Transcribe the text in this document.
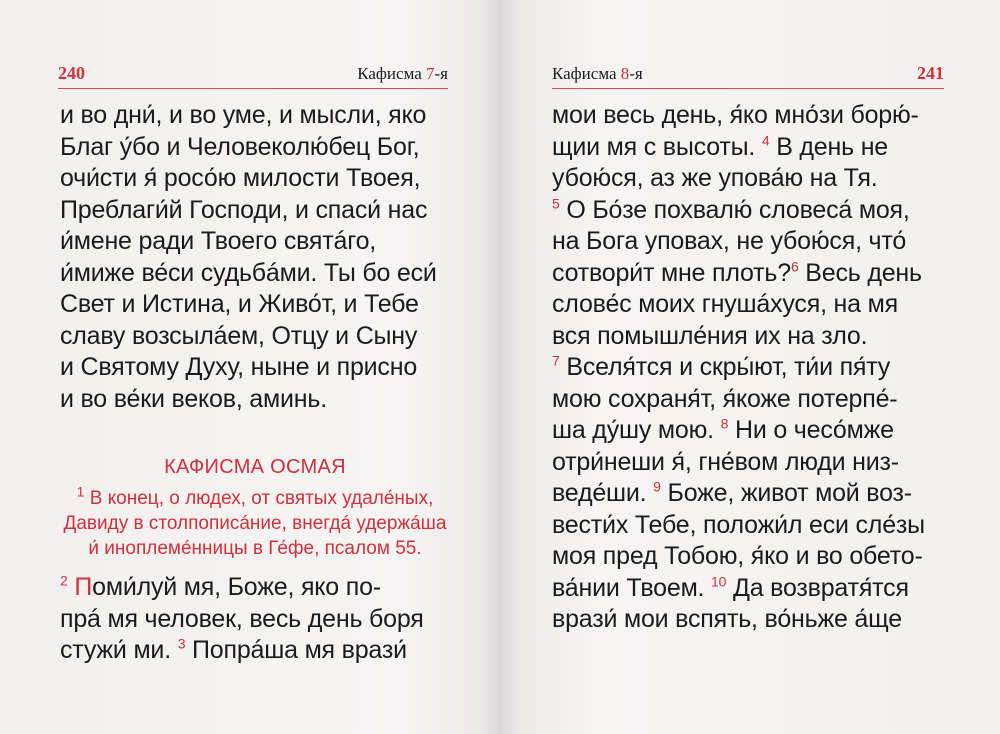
240	Кафисма 7-я
и во дни́, и во уме, и мысли, яко
Благ у́бо и Человеколю́бец Бог,
очи́сти я́ росо́ю милости Твоея,
Преблаги́й Господи, и спаси́ нас
и́мене ради Твоего святáго,
и́миже ве́си судьбáми. Ты бо еси́
Свет и Истина, и Живо́т, и Тебе
славу возсылáем, Отцу и Сыну
и Святому Духу, ныне и присно
и во ве́ки веков, аминь.
КАФИСМА ОСМАЯ
$^1$ В конец, о людех, от святых удале́ных,
Давиду в столпописáние, внегдá удержáша
и́ иноплемéнницы в Ге́фе, псалом 55.
$^2$ Поми́луй мя, Боже, яко по-
прá мя человек, весь день боря
стужи́ ми. $^3$ Попрáша мя врази́
Кафисма 8-я	241
мои весь день, я́ко мно́зи борю́-
щии мя с высоты. $^4$ В день не
убою́ся, аз же упова́ю на Тя.
$^5$ О Бо́зе похвалю́ словеса́ моя,
на Бога уповах, не убою́ся, что́
сотвори́т мне плоть?$^6$ Весь день
слове́с моих гнушáхуся, на мя
вся помышле́ния их на зло.
$^7$ Вселя́тся и скры́ют, ти́и пя́ту
мою сохраня́т, я́коже потерпе́-
ша ду́шу мою. $^8$ Ни о чесо́мже
отри́неши я́, гне́вом люди низ-
веде́ши. $^9$ Боже, живот мой воз-
вести́х Тебе, положи́л еси сле́зы
моя пред Тобою, я́ко и во обето-
ва́нии Твоем. $^{10}$ Да возвратя́тся
врази́ мои вспять, во́ньже а́ще
